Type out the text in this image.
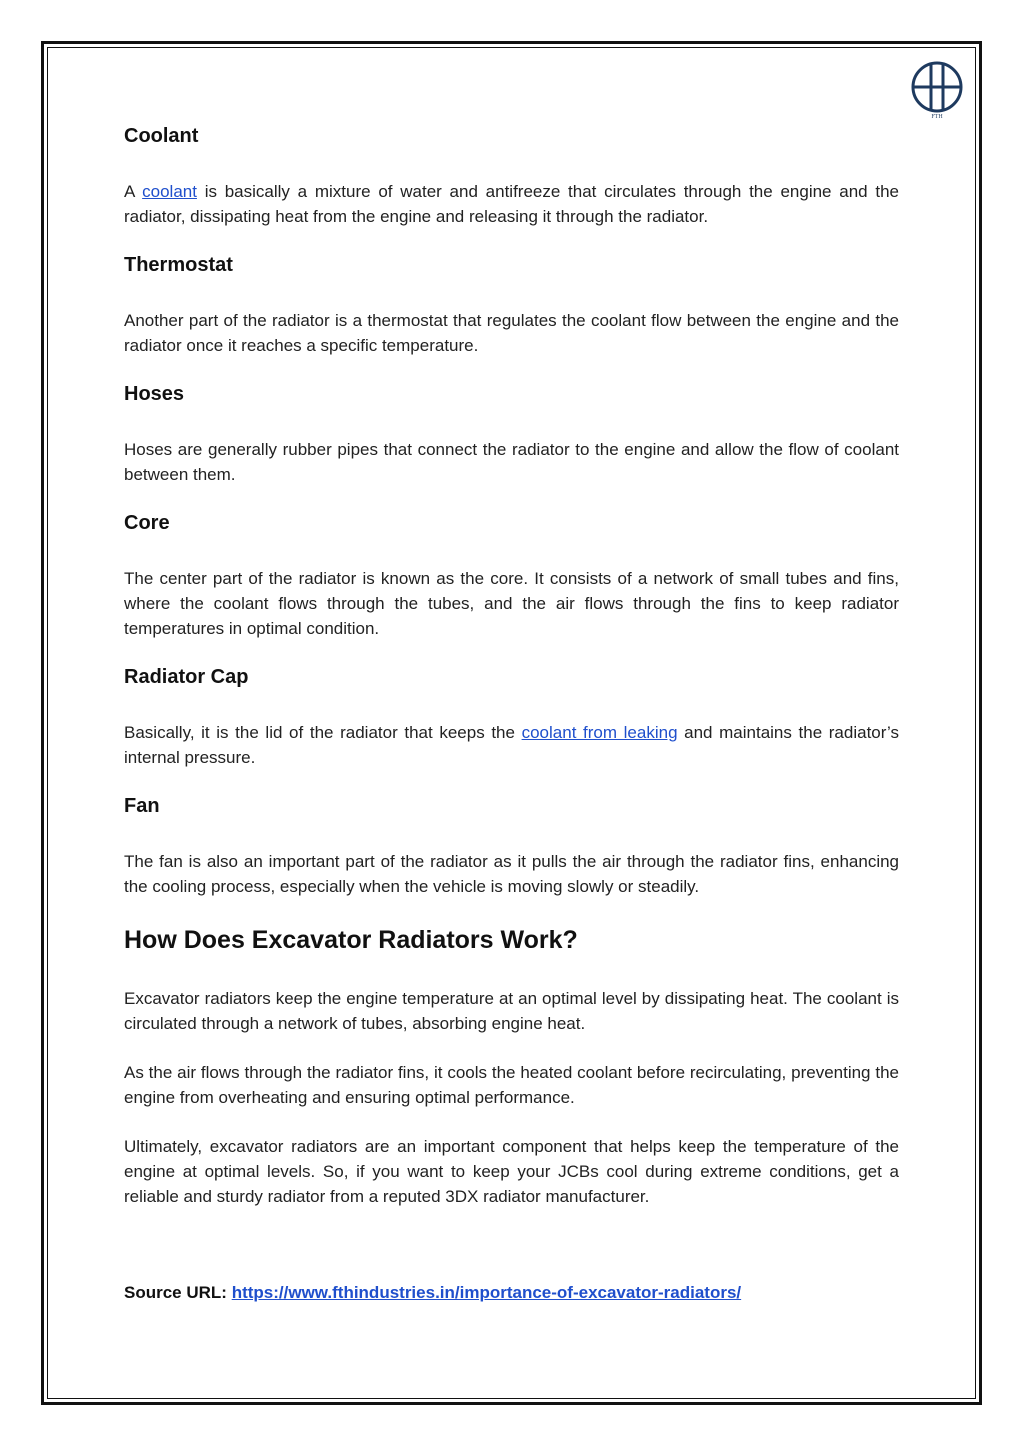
FTH
Coolant

A coolant is basically a mixture of water and antifreeze that circulates through the engine and the radiator, dissipating heat from the engine and releasing it through the radiator.

Thermostat

Another part of the radiator is a thermostat that regulates the coolant flow between the engine and the radiator once it reaches a specific temperature.

Hoses

Hoses are generally rubber pipes that connect the radiator to the engine and allow the flow of coolant between them.

Core

The center part of the radiator is known as the core. It consists of a network of small tubes and fins, where the coolant flows through the tubes, and the air flows through the fins to keep radiator temperatures in optimal condition.

Radiator Cap

Basically, it is the lid of the radiator that keeps the coolant from leaking and maintains the radiator’s internal pressure.

Fan

The fan is also an important part of the radiator as it pulls the air through the radiator fins, enhancing the cooling process, especially when the vehicle is moving slowly or steadily.

How Does Excavator Radiators Work?

Excavator radiators keep the engine temperature at an optimal level by dissipating heat. The coolant is circulated through a network of tubes, absorbing engine heat.

As the air flows through the radiator fins, it cools the heated coolant before recirculating, preventing the engine from overheating and ensuring optimal performance.

Ultimately, excavator radiators are an important component that helps keep the temperature of the engine at optimal levels. So, if you want to keep your JCBs cool during extreme conditions, get a reliable and sturdy radiator from a reputed 3DX radiator manufacturer.

Source URL: https://www.fthindustries.in/importance-of-excavator-radiators/
